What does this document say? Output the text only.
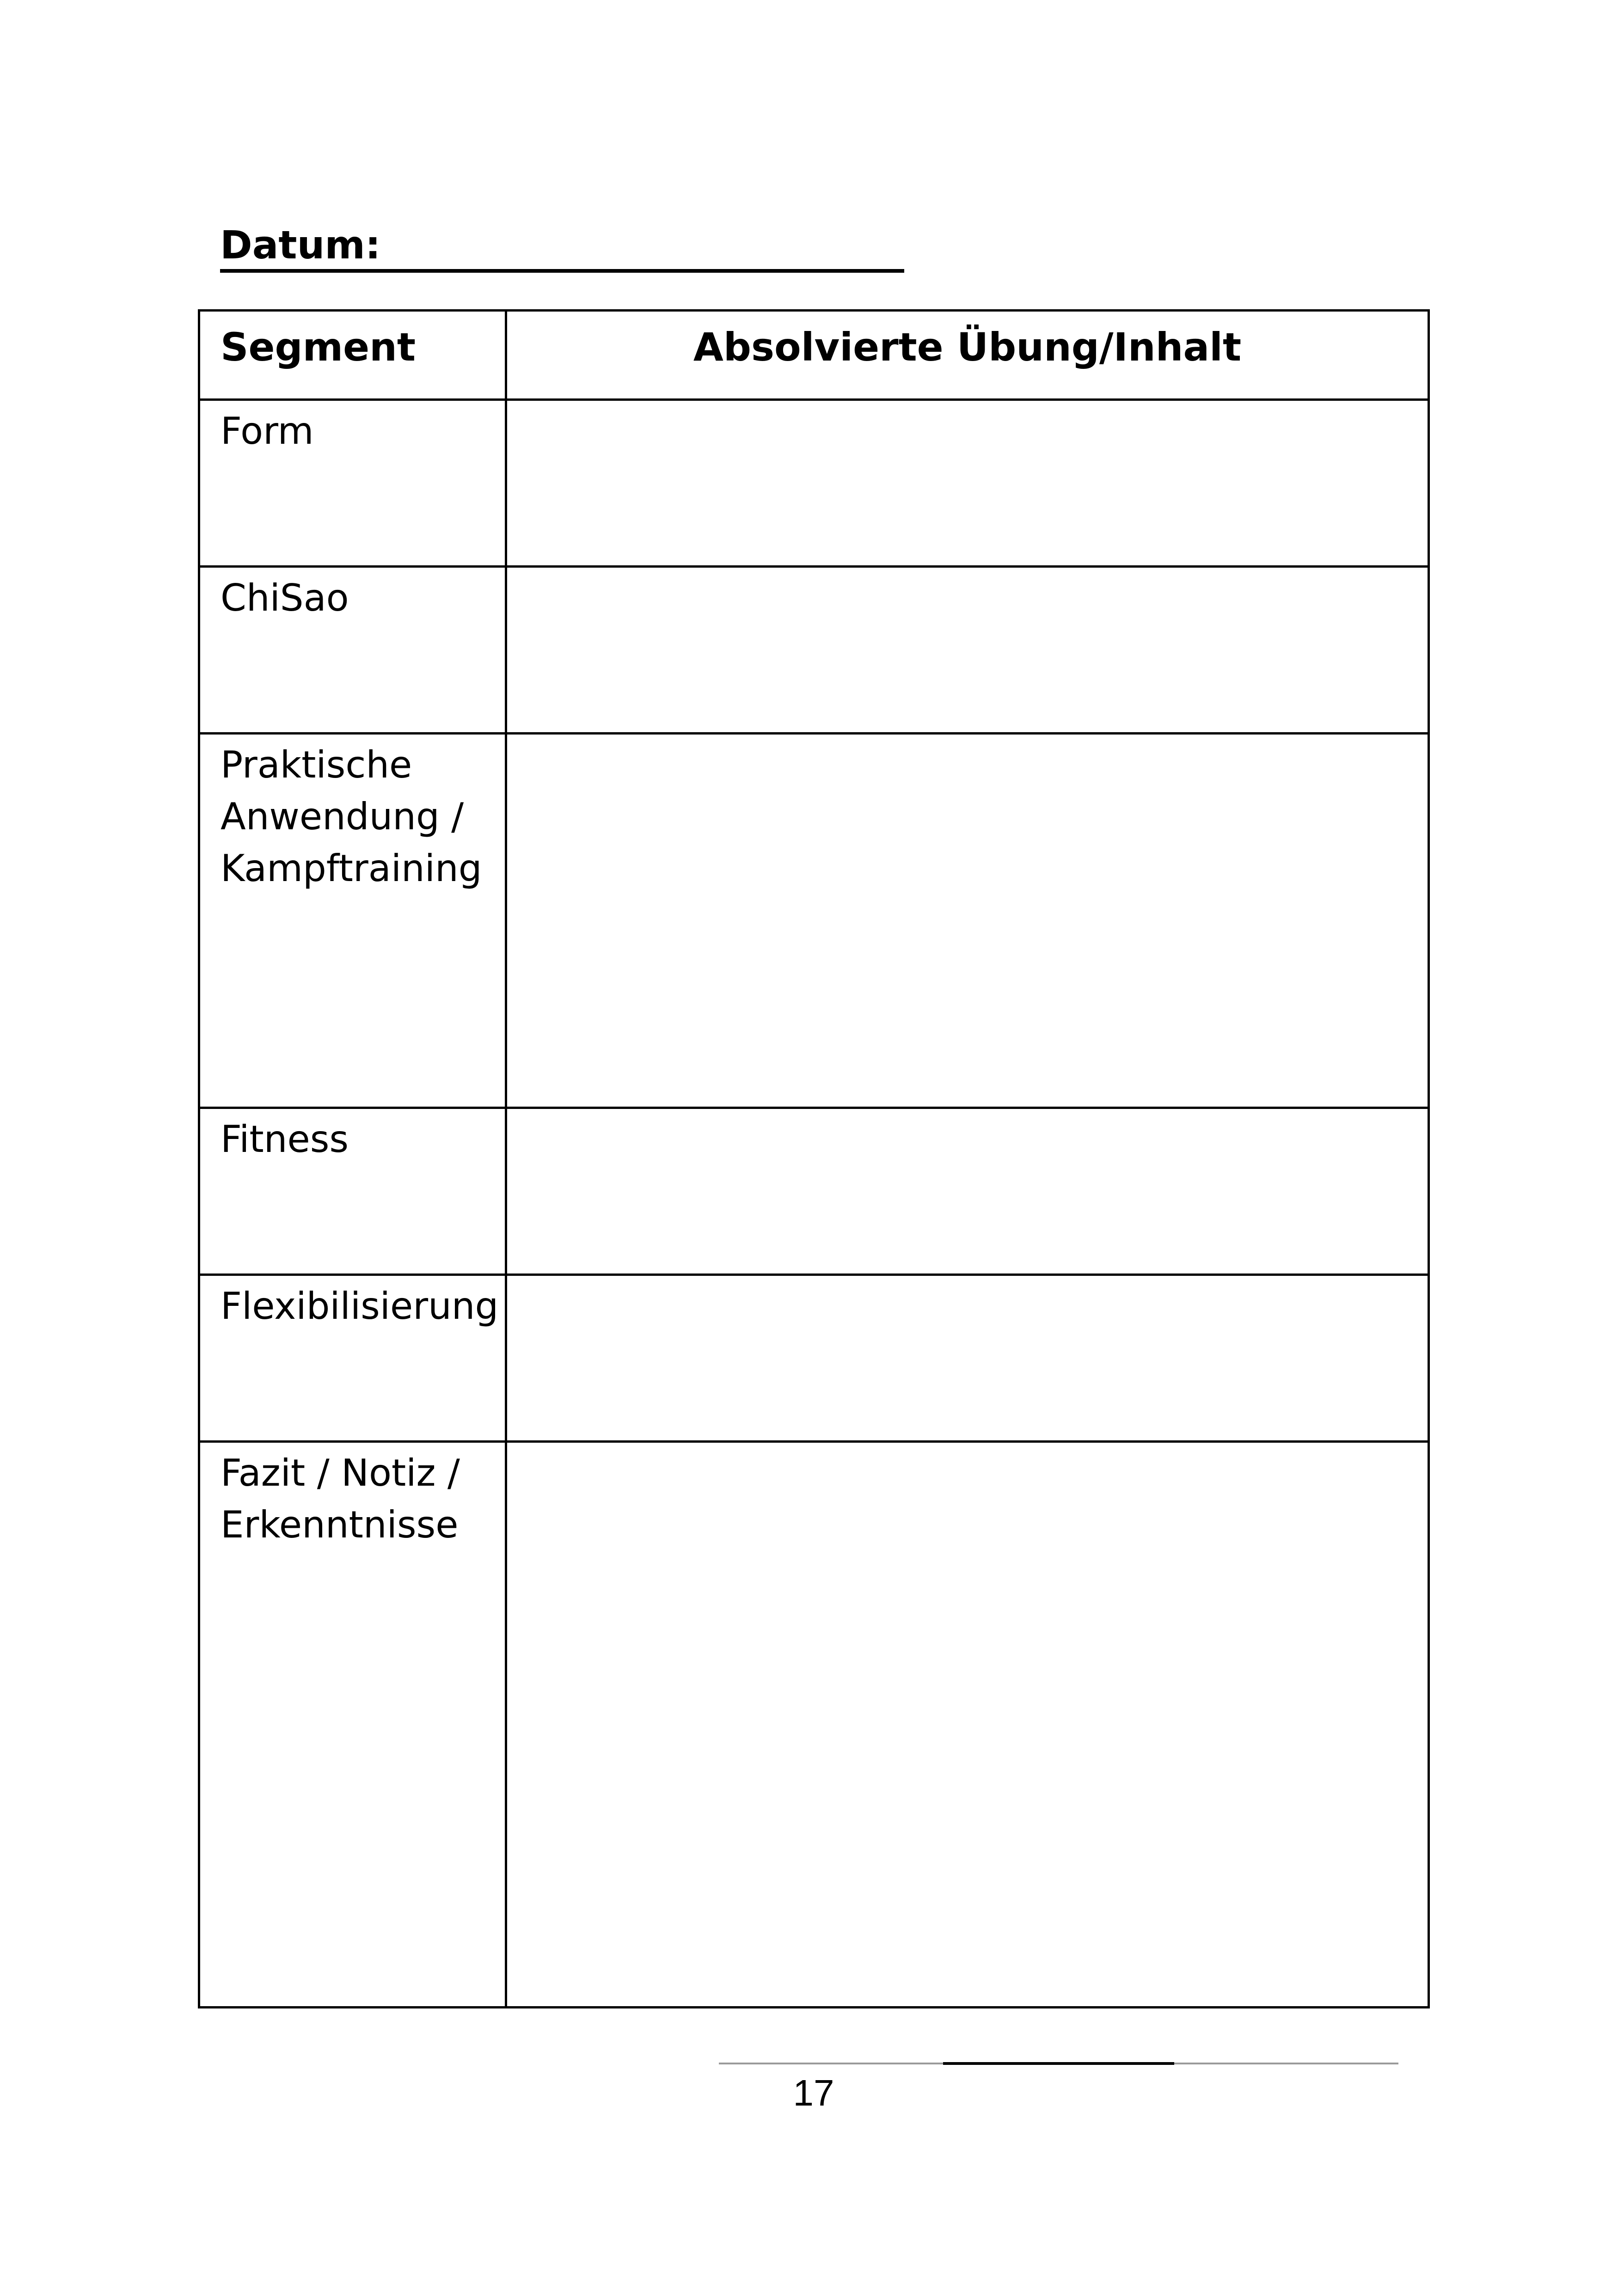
Datum:
Segment	Absolvierte Übung/Inhalt

Form	

ChiSao	

Praktische
Anwendung /
Kampftraining	

Fitness	

Flexibilisierung	

Fazit / Notiz /
Erkenntnisse	

17
